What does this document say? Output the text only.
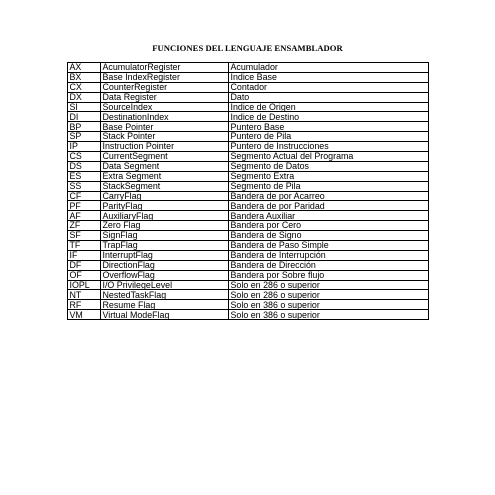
FUNCIONES DEL LENGUAJE ENSAMBLADOR
AX	AcumulatorRegister	Acumulador
BX	Base IndexRegister	Indice Base
CX	CounterRegister	Contador
DX	Data Register	Dato
SI	SourceIndex	Indice de Origen
DI	DestinationIndex	Indice de Destino
BP	Base Pointer	Puntero Base
SP	Stack Pointer	Puntero de Pila
IP	Instruction Pointer	Puntero de Instrucciones
CS	CurrentSegment	Segmento Actual del Programa
DS	Data Segment	Segmento de Datos
ES	Extra Segment	Segmento Extra
SS	StackSegment	Segmento de Pila
CF	CarryFlag	Bandera de por Acarreo
PF	ParityFlag	Bandera de por Paridad
AF	AuxiliaryFlag	Bandera Auxiliar
ZF	Zero Flag	Bandera por Cero
SF	SignFlag	Bandera de Signo
TF	TrapFlag	Bandera de Paso Simple
IF	InterruptFlag	Bandera de Interrupción
DF	DirectionFlag	Bandera de Dirección
OF	OverflowFlag	Bandera por Sobre flujo
IOPL	I/O PrivilegeLevel	Solo en 286 o superior
NT	NestedTaskFlag	Solo en 286 o superior
RF	Resume Flag	Solo en 386 o superior
VM	Virtual ModeFlag	Solo en 386 o superior
